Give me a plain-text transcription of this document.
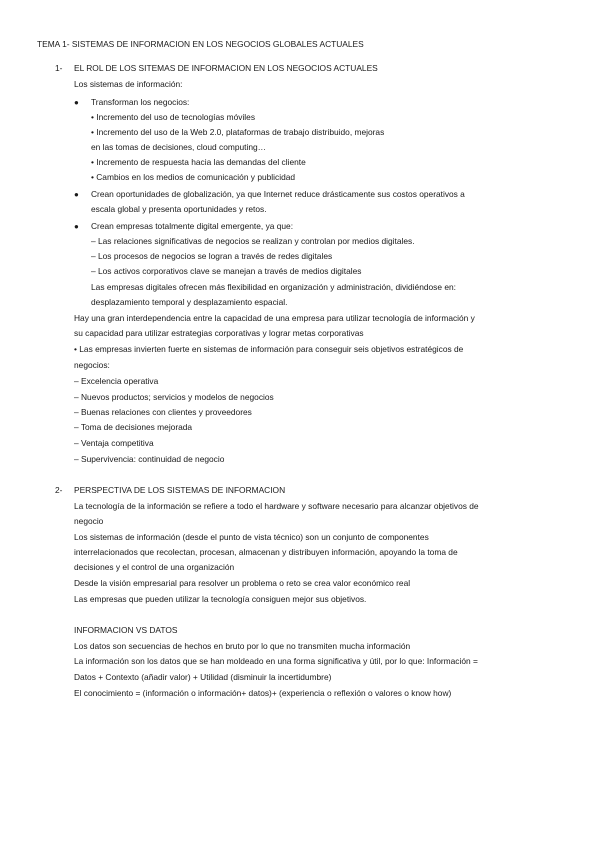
TEMA 1- SISTEMAS DE INFORMACION EN LOS NEGOCIOS GLOBALES ACTUALES
1- EL ROL DE LOS SITEMAS DE INFORMACION EN LOS NEGOCIOS ACTUALES
Los sistemas de información:
● Transforman los negocios:
• Incremento del uso de tecnologías móviles
• Incremento del uso de la Web 2.0, plataformas de trabajo distribuido, mejoras
en las tomas de decisiones, cloud computing…
• Incremento de respuesta hacia las demandas del cliente
• Cambios en los medios de comunicación y publicidad
● Crean oportunidades de globalización, ya que Internet reduce drásticamente sus costos operativos a
escala global y presenta oportunidades y retos.
● Crean empresas totalmente digital emergente, ya que:
– Las relaciones significativas de negocios se realizan y controlan por medios digitales.
– Los procesos de negocios se logran a través de redes digitales
– Los activos corporativos clave se manejan a través de medios digitales
Las empresas digitales ofrecen más flexibilidad en organización y administración, dividiéndose en:
desplazamiento temporal y desplazamiento espacial.
Hay una gran interdependencia entre la capacidad de una empresa para utilizar tecnología de información y
su capacidad para utilizar estrategias corporativas y lograr metas corporativas
• Las empresas invierten fuerte en sistemas de información para conseguir seis objetivos estratégicos de
negocios:
– Excelencia operativa
– Nuevos productos; servicios y modelos de negocios
– Buenas relaciones con clientes y proveedores
– Toma de decisiones mejorada
– Ventaja competitiva
– Supervivencia: continuidad de negocio
2- PERSPECTIVA DE LOS SISTEMAS DE INFORMACION
La tecnología de la información se refiere a todo el hardware y software necesario para alcanzar objetivos de
negocio
Los sistemas de información (desde el punto de vista técnico) son un conjunto de componentes
interrelacionados que recolectan, procesan, almacenan y distribuyen información, apoyando la toma de
decisiones y el control de una organización
Desde la visión empresarial para resolver un problema o reto se crea valor económico real
Las empresas que pueden utilizar la tecnología consiguen mejor sus objetivos.
INFORMACION VS DATOS
Los datos son secuencias de hechos en bruto por lo que no transmiten mucha información
La información son los datos que se han moldeado en una forma significativa y útil, por lo que: Información =
Datos + Contexto (añadir valor) + Utilidad (disminuir la incertidumbre)
El conocimiento = (información o información+ datos)+ (experiencia o reflexión o valores o know how)
